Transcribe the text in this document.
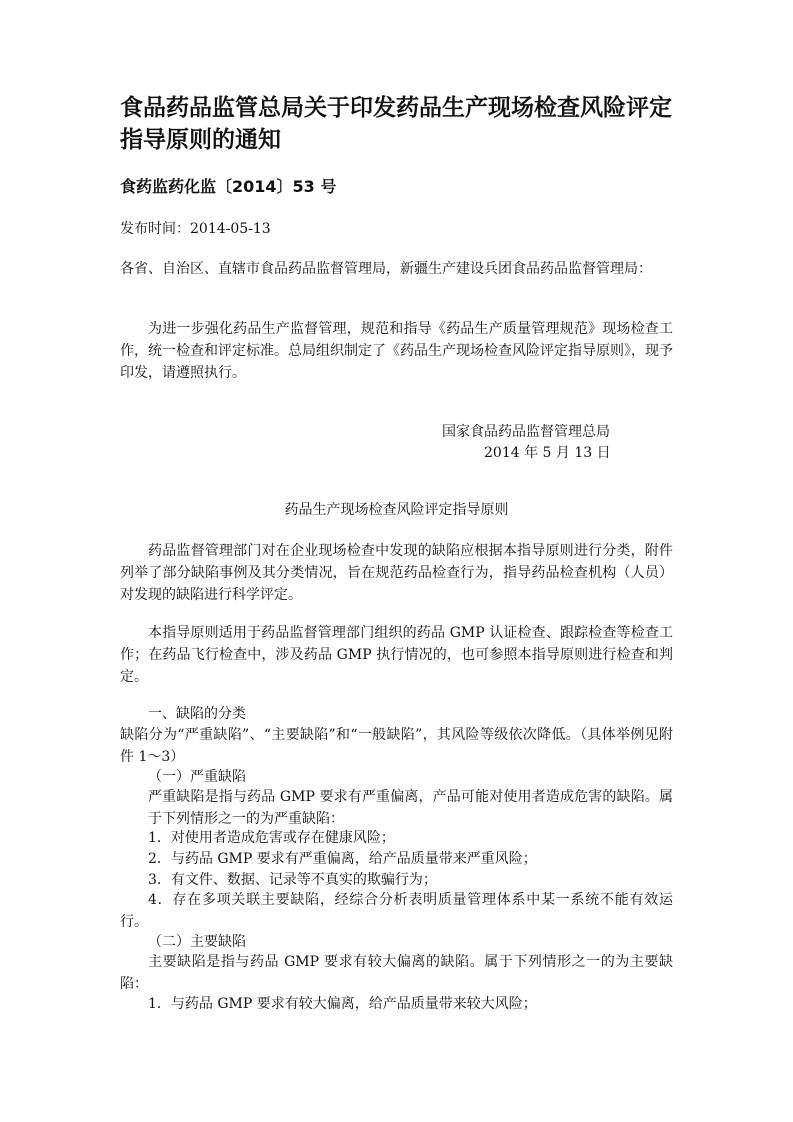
食品药品监管总局关于印发药品生产现场检查风险评定指导原则的通知
食药监药化监〔2014〕53 号
发布时间：2014-05-13

各省、自治区、直辖市食品药品监督管理局，新疆生产建设兵团食品药品监督管理局：

为进一步强化药品生产监督管理，规范和指导《药品生产质量管理规范》现场检查工作，统一检查和评定标准。总局组织制定了《药品生产现场检查风险评定指导原则》，现予印发，请遵照执行。

国家食品药品监督管理总局
2014 年 5 月 13 日
药品生产现场检查风险评定指导原则

药品监督管理部门对在企业现场检查中发现的缺陷应根据本指导原则进行分类，附件列举了部分缺陷事例及其分类情况，旨在规范药品检查行为，指导药品检查机构（人员）对发现的缺陷进行科学评定。

本指导原则适用于药品监督管理部门组织的药品 GMP 认证检查、跟踪检查等检查工作；在药品飞行检查中，涉及药品 GMP 执行情况的，也可参照本指导原则进行检查和判定。

一、缺陷的分类

缺陷分为“严重缺陷”、“主要缺陷”和“一般缺陷”，其风险等级依次降低。（具体举例见附件 1～3）

（一）严重缺陷

严重缺陷是指与药品 GMP 要求有严重偏离，产品可能对使用者造成危害的缺陷。属于下列情形之一的为严重缺陷：

1．对使用者造成危害或存在健康风险；
2．与药品 GMP 要求有严重偏离，给产品质量带来严重风险；
3．有文件、数据、记录等不真实的欺骗行为；

4．存在多项关联主要缺陷，经综合分析表明质量管理体系中某一系统不能有效运行。

（二）主要缺陷

主要缺陷是指与药品 GMP 要求有较大偏离的缺陷。属于下列情形之一的为主要缺陷：

1．与药品 GMP 要求有较大偏离，给产品质量带来较大风险；
